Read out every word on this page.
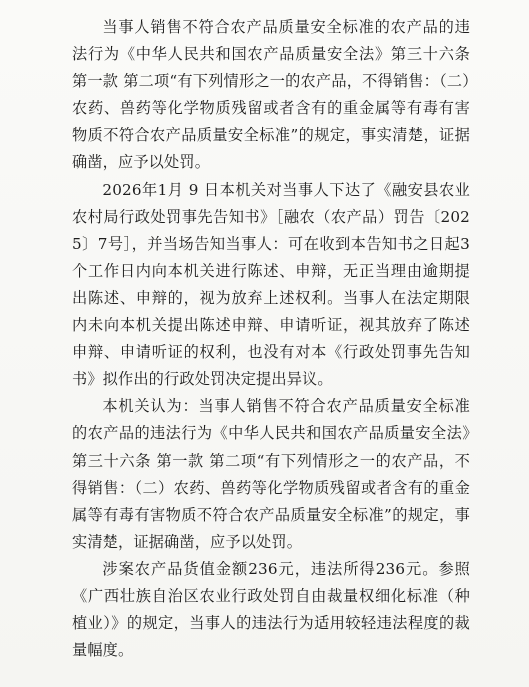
当事人销售不符合农产品质量安全标准的农产品的违法行为《中华人民共和国农产品质量安全法》第三十六条 第一款 第二项“有下列情形之一的农产品，不得销售：（二）农药、兽药等化学物质残留或者含有的重金属等有毒有害物质不符合农产品质量安全标准”的规定，事实清楚，证据确凿，应予以处罚。

2026年1月 9 日本机关对当事人下达了《融安县农业农村局行政处罚事先告知书》［融农（农产品）罚告〔2025〕7号］，并当场告知当事人：可在收到本告知书之日起3个工作日内向本机关进行陈述、申辩，无正当理由逾期提出陈述、申辩的，视为放弃上述权利。当事人在法定期限内未向本机关提出陈述申辩、申请听证，视其放弃了陈述申辩、申请听证的权利，也没有对本《行政处罚事先告知书》拟作出的行政处罚决定提出异议。

本机关认为：当事人销售不符合农产品质量安全标准的农产品的违法行为《中华人民共和国农产品质量安全法》第三十六条 第一款 第二项“有下列情形之一的农产品，不得销售：（二）农药、兽药等化学物质残留或者含有的重金属等有毒有害物质不符合农产品质量安全标准”的规定，事实清楚，证据确凿，应予以处罚。

涉案农产品货值金额236元，违法所得236元。参照《广西壮族自治区农业行政处罚自由裁量权细化标准（种植业）》的规定，当事人的违法行为适用较轻违法程度的裁量幅度。
